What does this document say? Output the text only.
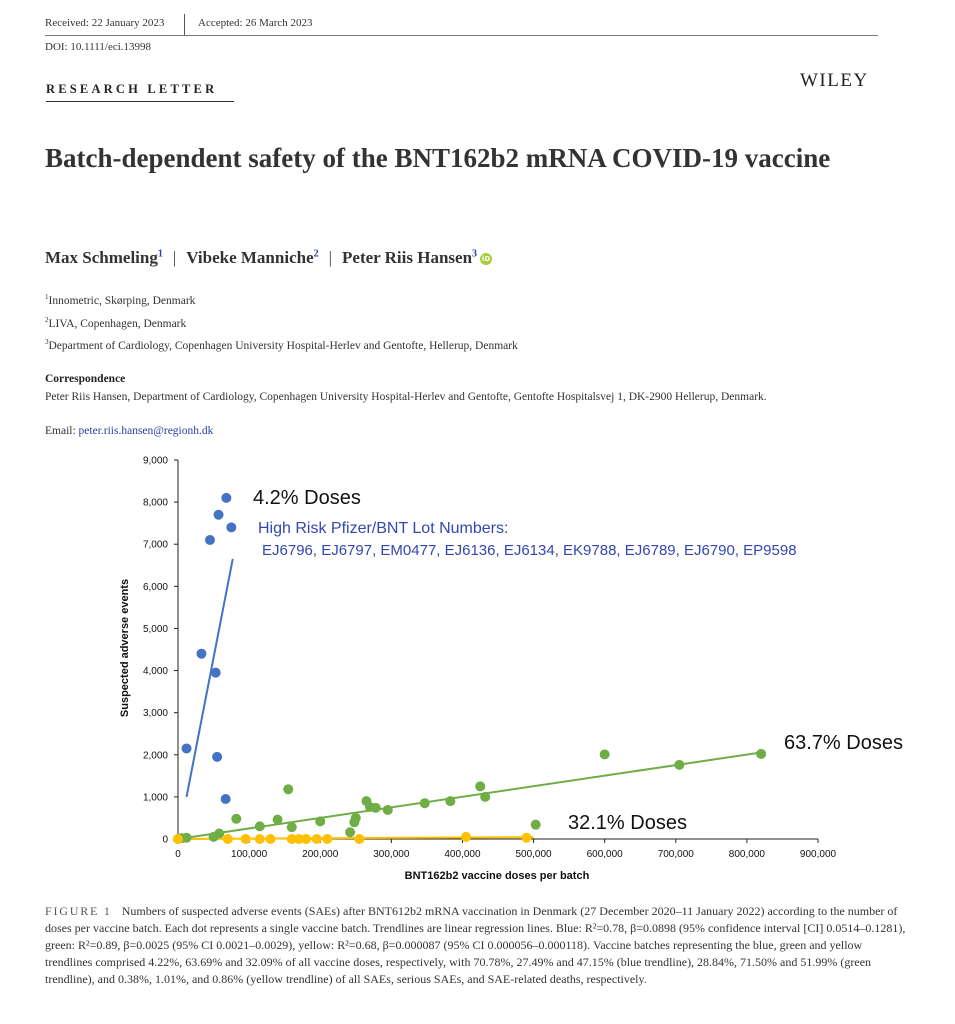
Received: 22 January 2023	Accepted: 26 March 2023
DOI: 10.1111/eci.13998
RESEARCH LETTER	WILEY
Batch-dependent safety of the BNT162b2 mRNA COVID-19 vaccine
Max Schmeling$^1$ | Vibeke Manniche$^2$ | Peter Riis Hansen$^3$ iD
$^1$Innometric, Skørping, Denmark
$^2$LIVA, Copenhagen, Denmark
$^3$Department of Cardiology, Copenhagen University Hospital-Herlev and Gentofte, Hellerup, Denmark
Correspondence
Peter Riis Hansen, Department of Cardiology, Copenhagen University Hospital-Herlev and Gentofte, Gentofte Hospitalsvej 1, DK-2900 Hellerup, Denmark.
Email: peter.riis.hansen@regionh.dk
0	100,000	200,000	300,000	400,000	500,000	600,000	700,000	800,000	900,000
0
1,000
2,000
3,000
4,000
5,000
6,000
7,000
8,000
9,000
Suspected adverse events
BNT162b2 vaccine doses per batch
4.2% Doses
High Risk Pfizer/BNT Lot Numbers:
EJ6796, EJ6797, EM0477, EJ6136, EJ6134, EK9788, EJ6789, EJ6790, EP9598
63.7% Doses
32.1% Doses
FIGURE 1 Numbers of suspected adverse events (SAEs) after BNT612b2 mRNA vaccination in Denmark (27 December 2020–11 January 2022) according to the number of doses per vaccine batch. Each dot represents a single vaccine batch. Trendlines are linear regression lines. Blue: R²=0.78, β=0.0898 (95% confidence interval [CI] 0.0514–0.1281), green: R²=0.89, β=0.0025 (95% CI 0.0021–0.0029), yellow: R²=0.68, β=0.000087 (95% CI 0.000056–0.000118). Vaccine batches representing the blue, green and yellow trendlines comprised 4.22%, 63.69% and 32.09% of all vaccine doses, respectively, with 70.78%, 27.49% and 47.15% (blue trendline), 28.84%, 71.50% and 51.99% (green trendline), and 0.38%, 1.01%, and 0.86% (yellow trendline) of all SAEs, serious SAEs, and SAE-related deaths, respectively.
